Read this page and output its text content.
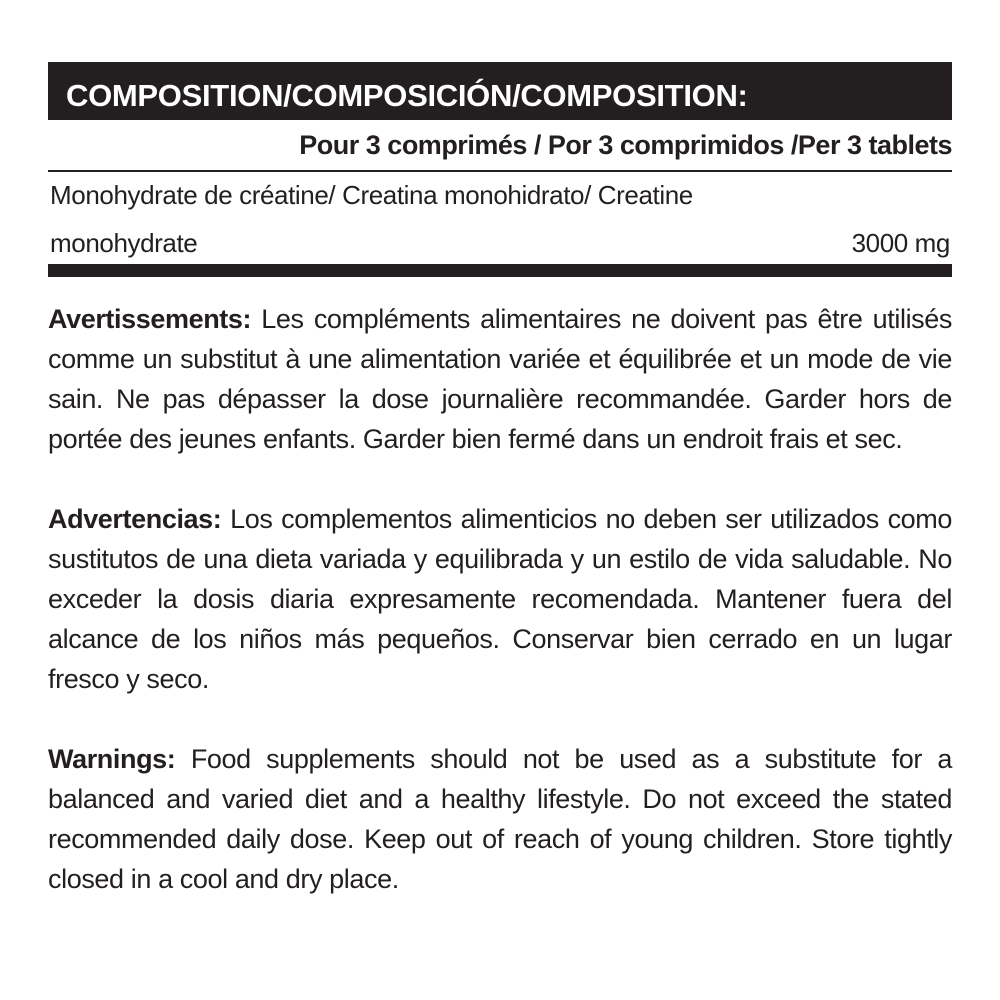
COMPOSITION/COMPOSICIÓN/COMPOSITION:
Pour 3 comprimés / Por 3 comprimidos /Per 3 tablets
Monohydrate de créatine/ Creatina monohidrato/ Creatine
monohydrate	3000 mg

Avertissements: Les compléments alimentaires ne doivent pas être utilisés comme un substitut à une alimentation variée et équilibrée et un mode de vie sain. Ne pas dépasser la dose journalière recommandée. Garder hors de portée des jeunes enfants. Garder bien fermé dans un endroit frais et sec.

Advertencias: Los complementos alimenticios no deben ser utilizados como sustitutos de una dieta variada y equilibrada y un estilo de vida saludable. No exceder la dosis diaria expresamente recomendada. Mantener fuera del alcance de los niños más pequeños. Conservar bien cerrado en un lugar fresco y seco.

Warnings: Food supplements should not be used as a substitute for a balanced and varied diet and a healthy lifestyle. Do not exceed the stated recommended daily dose. Keep out of reach of young children. Store tightly closed in a cool and dry place.
